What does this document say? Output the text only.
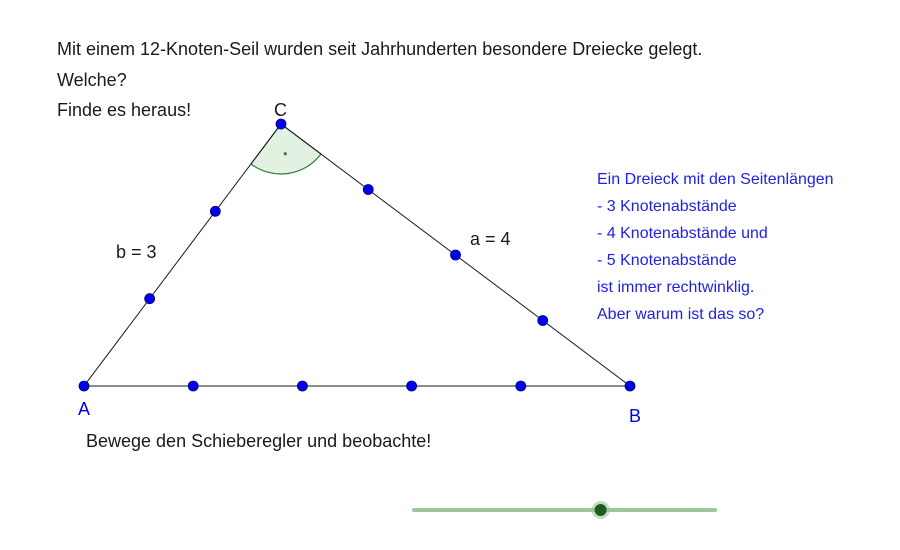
Mit einem 12-Knoten-Seil wurden seit Jahrhunderten besondere Dreiecke gelegt.

Welche?

Finde es heraus!

A	B
C
a = 4
b = 3
Ein Dreieck mit den Seitenlängen
- 3 Knotenabstände
- 4 Knotenabstände und
- 5 Knotenabstände
ist immer rechtwinklig.
Aber warum ist das so?
Bewege den Schieberegler und beobachte!
